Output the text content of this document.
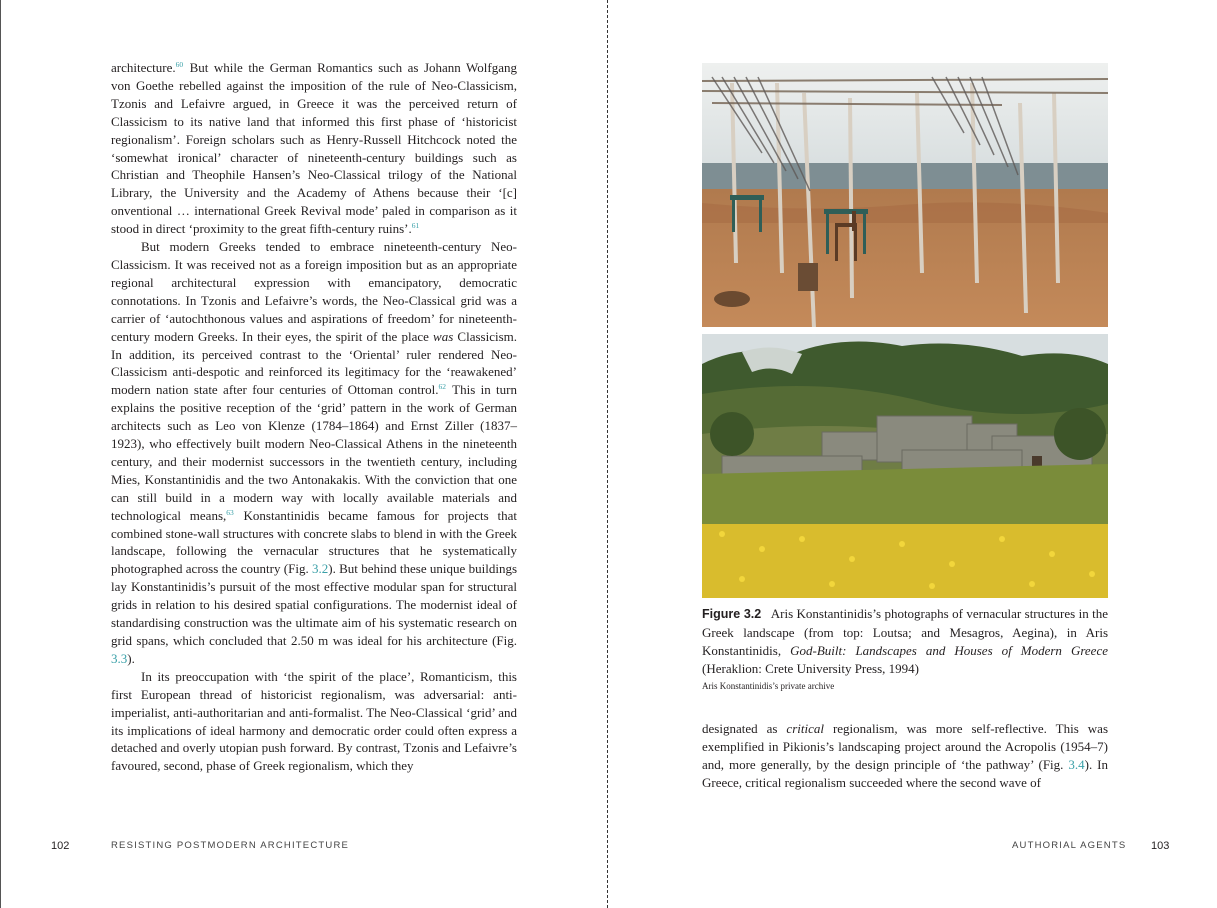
architecture.$^{60}$ But while the German Romantics such as Johann Wolfgang von Goethe rebelled against the imposition of the rule of Neo-Classicism, Tzonis and Lefaivre argued, in Greece it was the perceived return of Classicism to its native land that informed this first phase of ‘historicist regionalism’. Foreign scholars such as Henry-Russell Hitchcock noted the ‘somewhat ironical’ character of nineteenth-century buildings such as Christian and Theophile Hansen’s Neo-Classical trilogy of the National Library, the University and the Academy of Athens because their ‘[c] onventional … international Greek Revival mode’ paled in comparison as it stood in direct ‘proximity to the great fifth-century ruins’.$^{61}$

But modern Greeks tended to embrace nineteenth-century Neo-Classicism. It was received not as a foreign imposition but as an appropriate regional architectural expression with emancipatory, democratic connotations. In Tzonis and Lefaivre’s words, the Neo-Classical grid was a carrier of ‘autochthonous values and aspirations of freedom’ for nineteenth-century modern Greeks. In their eyes, the spirit of the place was Classicism. In addition, its perceived contrast to the ‘Oriental’ ruler rendered Neo-Classicism anti-despotic and reinforced its legitimacy for the ‘reawakened’ modern nation state after four centuries of Ottoman control.$^{62}$ This in turn explains the positive reception of the ‘grid’ pattern in the work of German architects such as Leo von Klenze (1784–1864) and Ernst Ziller (1837–1923), who effectively built modern Neo-Classical Athens in the nineteenth century, and their modernist successors in the twentieth century, including Mies, Konstantinidis and the two Antonakakis. With the conviction that one can still build in a modern way with locally available materials and technological means,$^{63}$ Konstantinidis became famous for projects that combined stone-wall structures with concrete slabs to blend in with the Greek landscape, following the vernacular structures that he systematically photographed across the country (Fig. 3.2). But behind these unique buildings lay Konstantinidis’s pursuit of the most effective modular span for structural grids in relation to his desired spatial configurations. The modernist ideal of standardising construction was the ultimate aim of his systematic research on grid spans, which concluded that 2.50 m was ideal for his architecture (Fig. 3.3).

In its preoccupation with ‘the spirit of the place’, Romanticism, this first European thread of historicist regionalism, was adversarial: anti-imperialist, anti-authoritarian and anti-formalist. The Neo-Classical ‘grid’ and its implications of ideal harmony and democratic order could often express a detached and overly utopian push forward. By contrast, Tzonis and Lefaivre’s favoured, second, phase of Greek regionalism, which they

102	RESISTING POSTMODERN ARCHITECTURE
Figure 3.2 Aris Konstantinidis’s photographs of vernacular structures in the Greek landscape (from top: Loutsa; and Mesagros, Aegina), in Aris Konstantinidis, God-Built: Landscapes and Houses of Modern Greece (Heraklion: Crete University Press, 1994)
Aris Konstantinidis’s private archive

designated as critical regionalism, was more self-reflective. This was exemplified in Pikionis’s landscaping project around the Acropolis (1954–7) and, more generally, by the design principle of ‘the pathway’ (Fig. 3.4). In Greece, critical regionalism succeeded where the second wave of

AUTHORIAL AGENTS 103
